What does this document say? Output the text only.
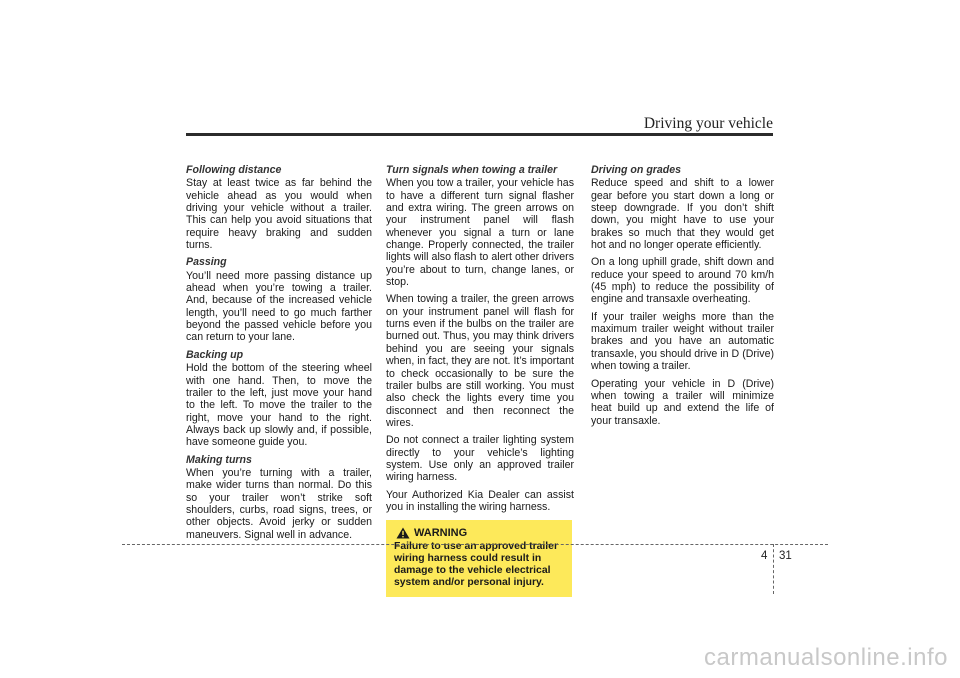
Driving your vehicle
Following distance
Stay at least twice as far behind the vehicle ahead as you would when driving your vehicle without a trailer. This can help you avoid situations that require heavy braking and sudden turns.
Passing
You’ll need more passing distance up ahead when you’re towing a trailer. And, because of the increased vehicle length, you’ll need to go much farther beyond the passed vehicle before you can return to your lane.
Backing up
Hold the bottom of the steering wheel with one hand. Then, to move the trailer to the left, just move your hand to the left. To move the trailer to the right, move your hand to the right. Always back up slowly and, if possible, have someone guide you.
Making turns
When you’re turning with a trailer, make wider turns than normal. Do this so your trailer won’t strike soft shoulders, curbs, road signs, trees, or other objects. Avoid jerky or sudden maneuvers. Signal well in advance.
Turn signals when towing a trailer
When you tow a trailer, your vehicle has to have a different turn signal flasher and extra wiring. The green arrows on your instrument panel will flash whenever you signal a turn or lane change. Properly connected, the trailer lights will also flash to alert other drivers you’re about to turn, change lanes, or stop.
When towing a trailer, the green arrows on your instrument panel will flash for turns even if the bulbs on the trailer are burned out. Thus, you may think drivers behind you are seeing your signals when, in fact, they are not. It’s important to check occasionally to be sure the trailer bulbs are still working. You must also check the lights every time you disconnect and then reconnect the wires.
Do not connect a trailer lighting system directly to your vehicle’s lighting system. Use only an approved trailer wiring harness.
Your Authorized Kia Dealer can assist you in installing the wiring harness.
WARNING
Failure to use an approved trailer wiring harness could result in damage to the vehicle electrical system and/or personal injury.
Driving on grades
Reduce speed and shift to a lower gear before you start down a long or steep downgrade. If you don’t shift down, you might have to use your brakes so much that they would get hot and no longer operate efficiently.
On a long uphill grade, shift down and reduce your speed to around 70 km/h (45 mph) to reduce the possibility of engine and transaxle overheating.
If your trailer weighs more than the maximum trailer weight without trailer brakes and you have an automatic transaxle, you should drive in D (Drive) when towing a trailer.
Operating your vehicle in D (Drive) when towing a trailer will minimize heat build up and extend the life of your transaxle.
4 31
carmanualsonline.info
